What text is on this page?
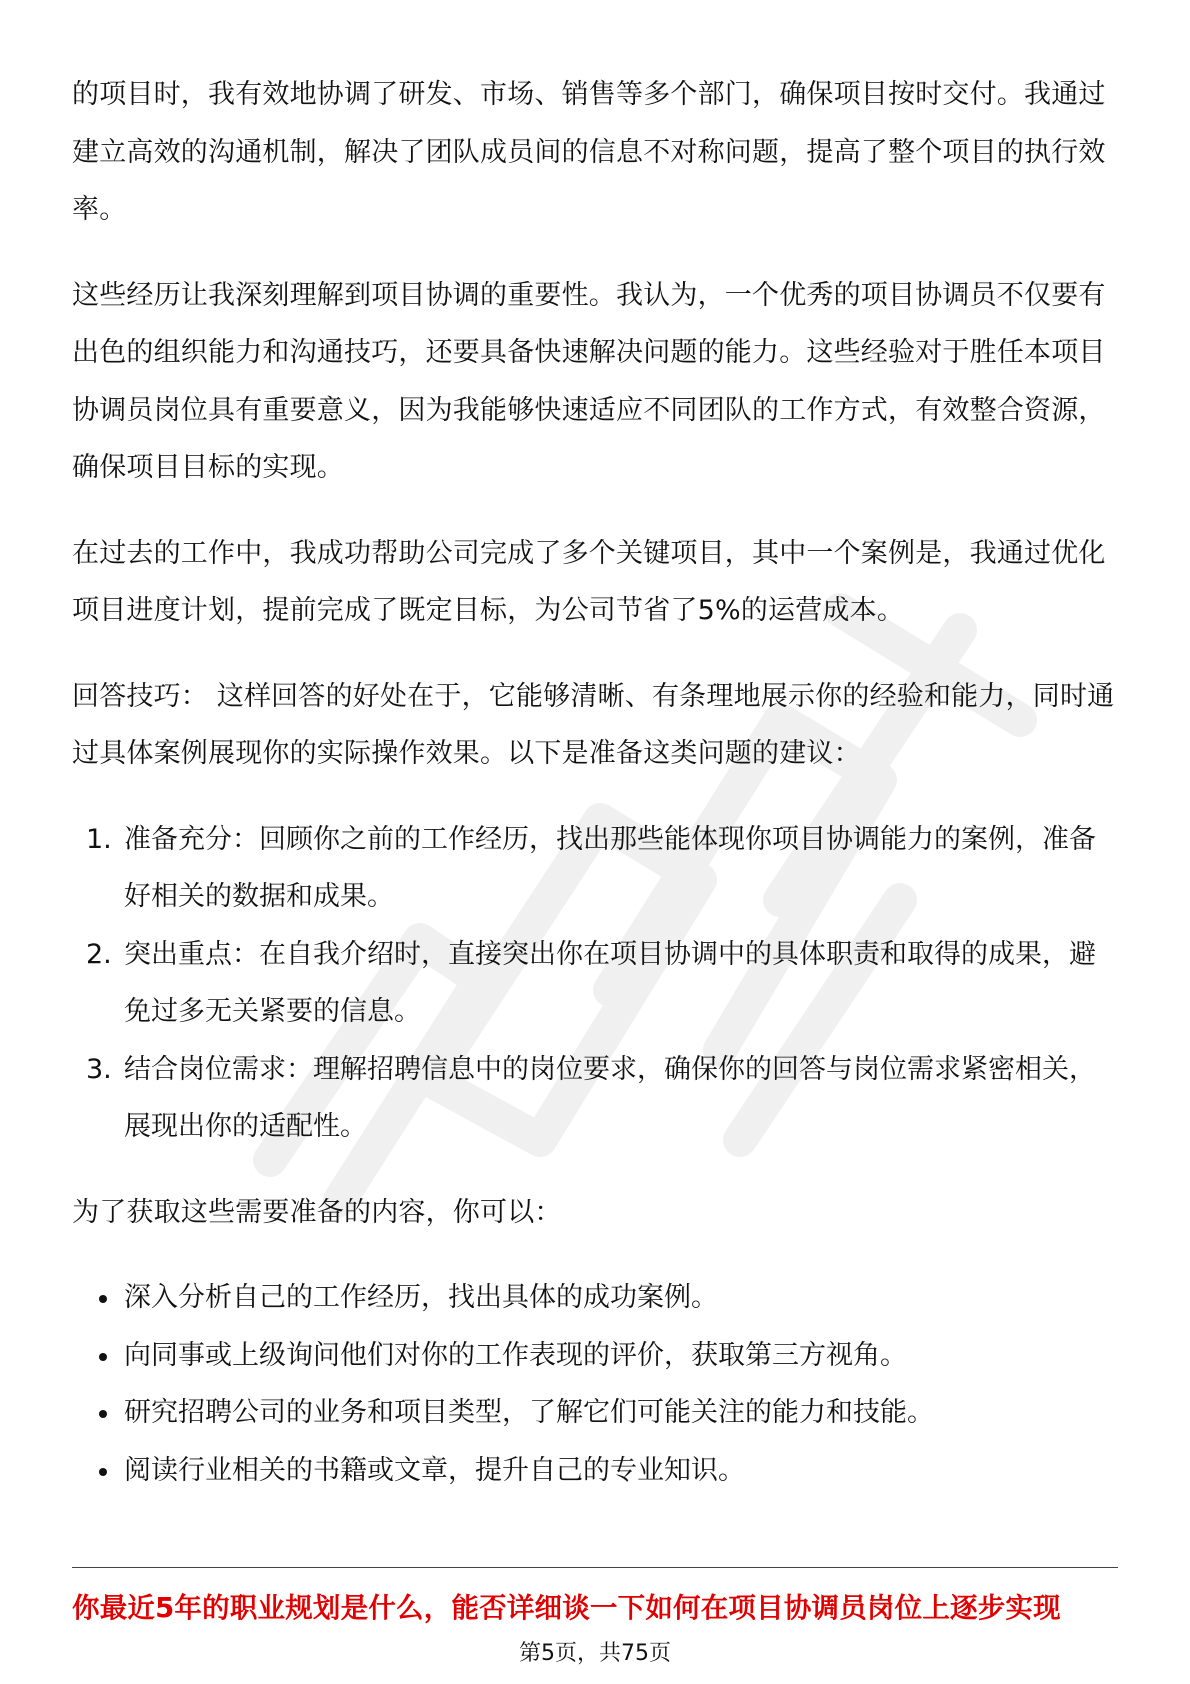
的项目时，我有效地协调了研发、市场、销售等多个部门，确保项目按时交付。我通过建立高效的沟通机制，解决了团队成员间的信息不对称问题，提高了整个项目的执行效率。

这些经历让我深刻理解到项目协调的重要性。我认为，一个优秀的项目协调员不仅要有出色的组织能力和沟通技巧，还要具备快速解决问题的能力。这些经验对于胜任本项目协调员岗位具有重要意义，因为我能够快速适应不同团队的工作方式，有效整合资源，确保项目目标的实现。

在过去的工作中，我成功帮助公司完成了多个关键项目，其中一个案例是，我通过优化项目进度计划，提前完成了既定目标，为公司节省了5%的运营成本。

回答技巧： 这样回答的好处在于，它能够清晰、有条理地展示你的经验和能力，同时通过具体案例展现你的实际操作效果。以下是准备这类问题的建议：

1. 准备充分：回顾你之前的工作经历，找出那些能体现你项目协调能力的案例，准备好相关的数据和成果。
2. 突出重点：在自我介绍时，直接突出你在项目协调中的具体职责和取得的成果，避免过多无关紧要的信息。
3. 结合岗位需求：理解招聘信息中的岗位要求，确保你的回答与岗位需求紧密相关，展现出你的适配性。

为了获取这些需要准备的内容，你可以：

深入分析自己的工作经历，找出具体的成功案例。
向同事或上级询问他们对你的工作表现的评价，获取第三方视角。
研究招聘公司的业务和项目类型，了解它们可能关注的能力和技能。
阅读行业相关的书籍或文章，提升自己的专业知识。
你最近5年的职业规划是什么，能否详细谈一下如何在项目协调员岗位上逐步实现
第5页，共75页
